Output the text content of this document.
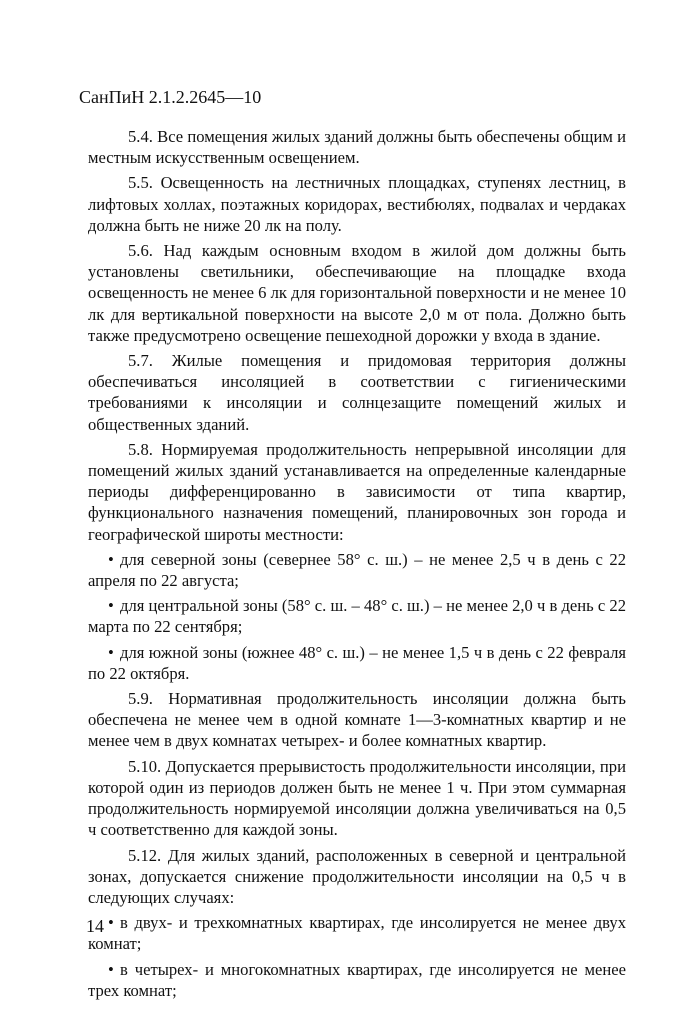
СанПиН 2.1.2.2645—10

5.4. Все помещения жилых зданий должны быть обеспечены общим и местным искусственным освещением.

5.5. Освещенность на лестничных площадках, ступенях лестниц, в лифтовых холлах, поэтажных коридорах, вестибюлях, подвалах и чердаках должна быть не ниже 20 лк на полу.

5.6. Над каждым основным входом в жилой дом должны быть установлены светильники, обеспечивающие на площадке входа освещенность не менее 6 лк для горизонтальной поверхности и не менее 10 лк для вертикальной поверхности на высоте 2,0 м от пола. Должно быть также предусмотрено освещение пешеходной дорожки у входа в здание.

5.7. Жилые помещения и придомовая территория должны обеспечиваться инсоляцией в соответствии с гигиеническими требованиями к инсоляции и солнцезащите помещений жилых и общественных зданий.

5.8. Нормируемая продолжительность непрерывной инсоляции для помещений жилых зданий устанавливается на определенные календарные периоды дифференцированно в зависимости от типа квартир, функционального назначения помещений, планировочных зон города и географической широты местности:

• для северной зоны (севернее 58° с. ш.) – не менее 2,5 ч в день с 22 апреля по 22 августа;

• для центральной зоны (58° с. ш. – 48° с. ш.) – не менее 2,0 ч в день с 22 марта по 22 сентября;

• для южной зоны (южнее 48° с. ш.) – не менее 1,5 ч в день с 22 февраля по 22 октября.

5.9. Нормативная продолжительность инсоляции должна быть обеспечена не менее чем в одной комнате 1—3-комнатных квартир и не менее чем в двух комнатах четырех- и более комнатных квартир.

5.10. Допускается прерывистость продолжительности инсоляции, при которой один из периодов должен быть не менее 1 ч. При этом суммарная продолжительность нормируемой инсоляции должна увеличиваться на 0,5 ч соответственно для каждой зоны.

5.12. Для жилых зданий, расположенных в северной и центральной зонах, допускается снижение продолжительности инсоляции на 0,5 ч в следующих случаях:

• в двух- и трехкомнатных квартирах, где инсолируется не менее двух комнат;

• в четырех- и многокомнатных квартирах, где инсолируется не менее трех комнат;

14
